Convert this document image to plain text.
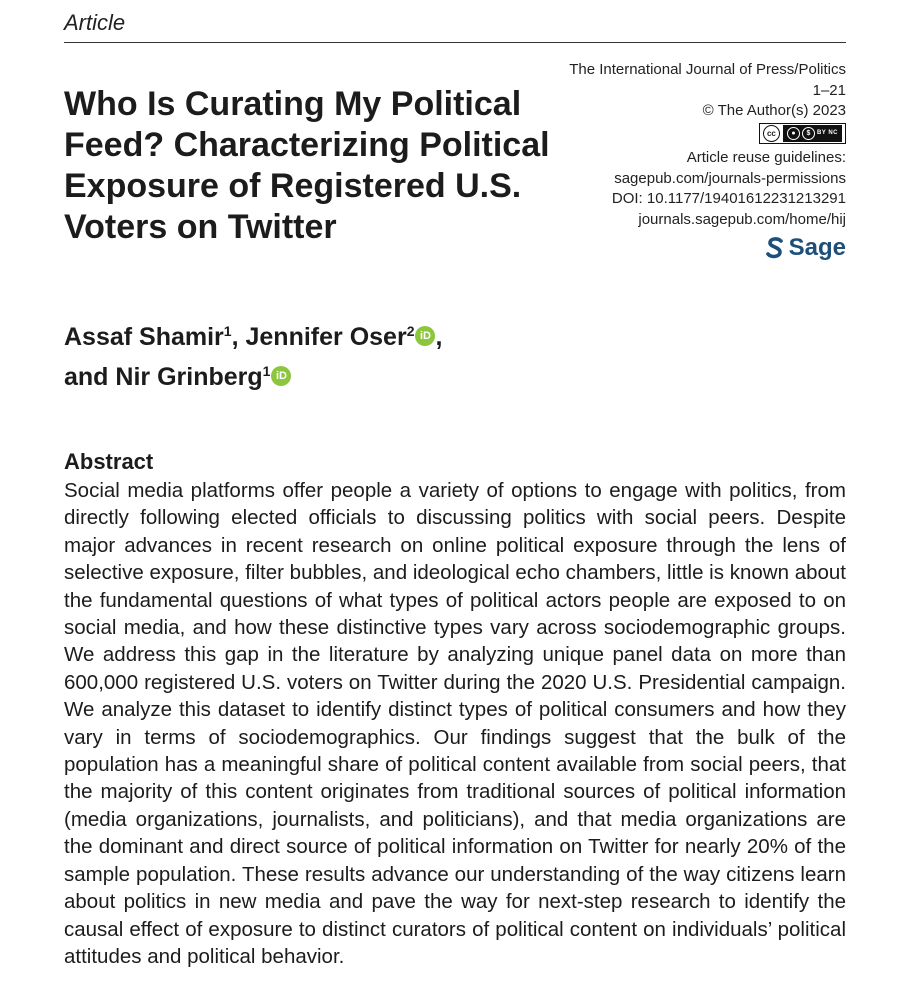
Article
Who Is Curating My Political Feed? Characterizing Political Exposure of Registered U.S. Voters on Twitter
The International Journal of Press/Politics
1–21
© The Author(s) 2023
cc	●	$	BY NC
Article reuse guidelines:
sagepub.com/journals-permissions
DOI: 10.1177/19401612231213291
journals.sagepub.com/home/hij
Sage
Assaf Shamir$^1$, Jennifer Oser$^2$ iD ,
and Nir Grinberg$^1$ iD
Abstract

Social media platforms offer people a variety of options to engage with politics, from directly following elected officials to discussing politics with social peers. Despite major advances in recent research on online political exposure through the lens of selective exposure, filter bubbles, and ideological echo chambers, little is known about the fundamental questions of what types of political actors people are exposed to on social media, and how these distinctive types vary across sociodemographic groups. We address this gap in the literature by analyzing unique panel data on more than 600,000 registered U.S. voters on Twitter during the 2020 U.S. Presidential campaign. We analyze this dataset to identify distinct types of political consumers and how they vary in terms of sociodemographics. Our findings suggest that the bulk of the population has a meaningful share of political content available from social peers, that the majority of this content originates from traditional sources of political information (media organizations, journalists, and politicians), and that media organizations are the dominant and direct source of political information on Twitter for nearly 20% of the sample population. These results advance our understanding of the way citizens learn about politics in new media and pave the way for next-step research to identify the causal effect of exposure to distinct curators of political content on individuals’ political attitudes and political behavior.
